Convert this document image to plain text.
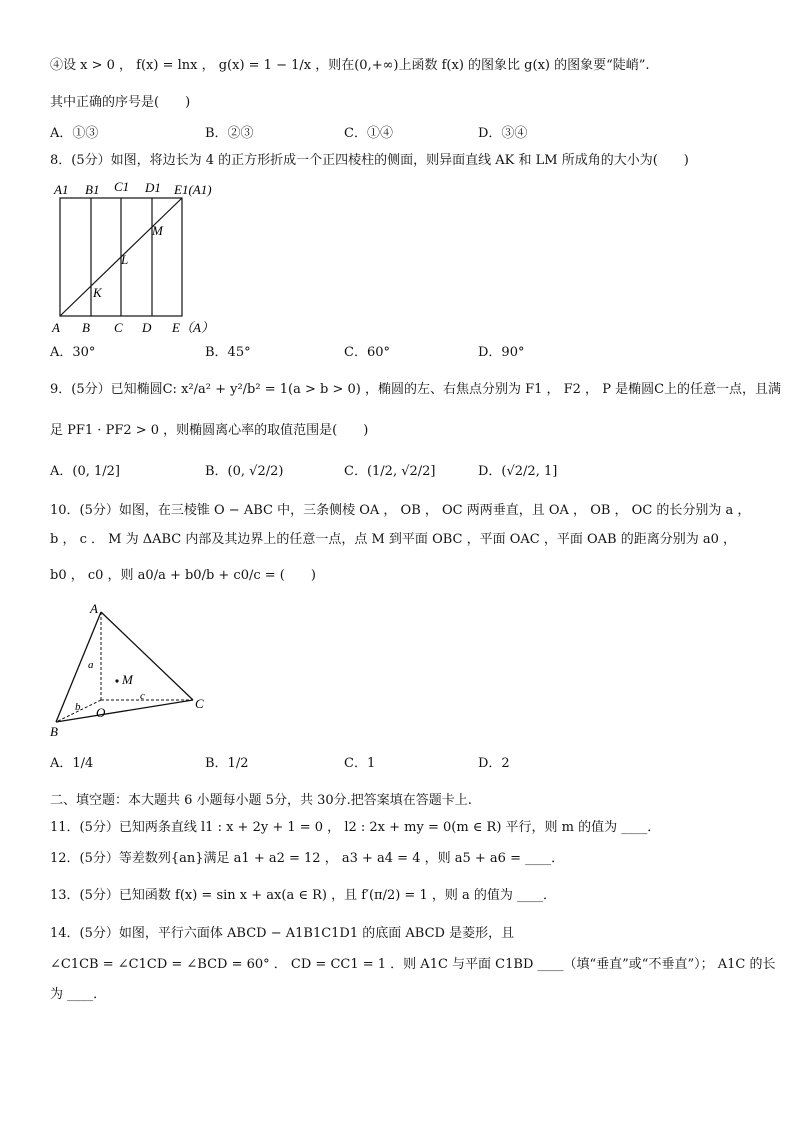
④设 x > 0 ， f(x) = lnx ， g(x) = 1 − 1/x ，则在(0,+∞)上函数 f(x) 的图象比 g(x) 的图象要“陡峭”.
其中正确的序号是(　　)
A．①③	B．②③	C．①④	D．③④
8．(5分）如图，将边长为 4 的正方形折成一个正四棱柱的侧面，则异面直线 AK 和 LM 所成角的大小为(　　)
A1 B1 C1 D1 E1(A1)
M
L
K
A B C D E（A）
A．30°	B．45°	C．60°	D．90°
9．(5分）已知椭圆C: x²/a² + y²/b² = 1(a > b > 0) ，椭圆的左、右焦点分别为 F1 ， F2 ， P 是椭圆C上的任意一点，且满
足 PF1 · PF2 > 0 ，则椭圆离心率的取值范围是(　　)
A．(0, 1/2]	B．(0, √2/2)	C．(1/2, √2/2]	D．(√2/2, 1]
10．(5分）如图，在三棱锥 O − ABC 中，三条侧棱 OA ， OB ， OC 两两垂直，且 OA ， OB ， OC 的长分别为 a ，
b ， c ． M 为 ΔABC 内部及其边界上的任意一点，点 M 到平面 OBC ，平面 OAC ，平面 OAB 的距离分别为 a0 ，
b0 ， c0 ，则 a0/a + b0/b + c0/c = (　　)
A
a
M
c	C
b O
B
A．1/4	B．1/2	C．1	D．2
二、填空题：本大题共 6 小题每小题 5分，共 30分.把答案填在答题卡上.
11．(5分）已知两条直线 l1 : x + 2y + 1 = 0 ， l2 : 2x + my = 0(m ∈ R) 平行，则 m 的值为 ____．
12．(5分）等差数列{an}满足 a1 + a2 = 12 ， a3 + a4 = 4 ，则 a5 + a6 = ____．
13．(5分）已知函数 f(x) = sin x + ax(a ∈ R) ，且 f′(π/2) = 1 ，则 a 的值为 ____．
14．(5分）如图，平行六面体 ABCD − A1B1C1D1 的底面 ABCD 是菱形，且
∠C1CB = ∠C1CD = ∠BCD = 60° ． CD = CC1 = 1 ．则 A1C 与平面 C1BD ____（填“垂直”或“不垂直”）； A1C 的长
为 ____．
